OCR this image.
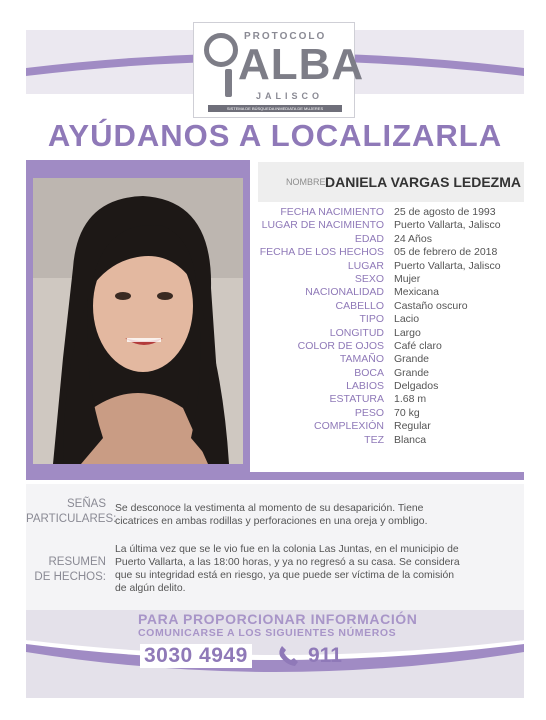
PROTOCOLO
ALBA
JALISCO
SISTEMA DE BÚSQUEDA INMEDIATA DE MUJERES
AYÚDANOS A LOCALIZARLA
NOMBRE DANIELA VARGAS LEDEZMA
FECHA NACIMIENTO 25 de agosto de 1993
LUGAR DE NACIMIENTO Puerto Vallarta, Jalisco
EDAD 24 Años
FECHA DE LOS HECHOS 05 de febrero de 2018
LUGAR Puerto Vallarta, Jalisco
SEXO Mujer
NACIONALIDAD Mexicana
CABELLO Castaño oscuro
TIPO Lacio
LONGITUD Largo
COLOR DE OJOS Café claro
TAMAÑO Grande
BOCA Grande
LABIOS Delgados
ESTATURA 1.68 m
PESO 70 kg
COMPLEXIÓN Regular
TEZ Blanca
SEÑAS
PARTICULARES:
Se desconoce la vestimenta al momento de su desaparición. Tiene
cicatrices en ambas rodillas y perforaciones en una oreja y ombligo.
RESUMEN
DE HECHOS:
La última vez que se le vio fue en la colonia Las Juntas, en el municipio de
Puerto Vallarta, a las 18:00 horas, y ya no regresó a su casa. Se considera
que su integridad está en riesgo, ya que puede ser víctima de la comisión
de algún delito.
PARA PROPORCIONAR INFORMACIÓN
COMUNICARSE A LOS SIGUIENTES NÚMEROS
3030 4949	911
